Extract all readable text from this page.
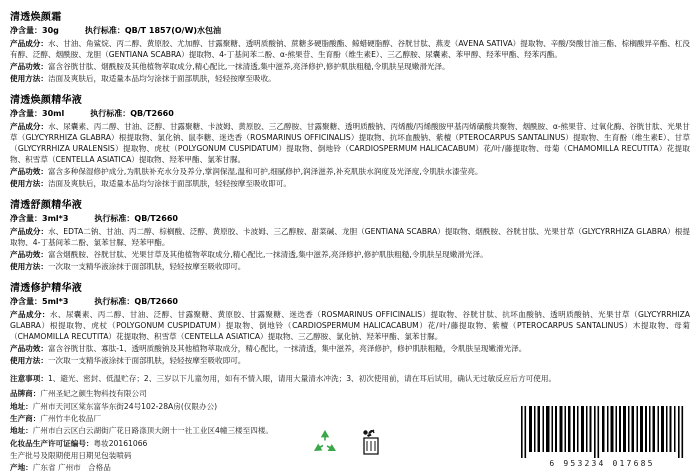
清透焕颜霜
净含量：30g	执行标准：QB/T 1857(O/W)水包油
产品成分：水、甘油、角鲨烷、丙二醇、黄原胶、尤加醇、甘露聚糖、透明质酸钠、蔗糖多硬脂酸酯、鲸蜡硬脂醇、谷胱甘肽、燕麦（AVENA SATIVA）提取物、辛酸/癸酸甘油三酯、棕榈酸异辛酯、杠没有醇、泛醇、烟酰胺、龙胆（GENTIANA SCABRA）提取物、4-丁基间苯二酚、α-熊果苷、生育酚（维生素E）、三乙醇胺、尿囊素、苯甲醇、羟苯甲酯、羟苯丙酯。
产品功效：富含谷胱甘肽、烟酰胺及其他植物萃取成分,精心配比,一抹清透,集中滋养,亮泽修护,修护肌肤粗糙,令肌肤呈现嫩滑光泽。
使用方法：洁面及爽肤后，取适量本品均匀涂抹于面部肌肤，轻轻按摩至吸收。
清透焕颜精华液
净含量：30ml	执行标准：QB/T2660
产品成分：水、尿囊素、丙二醇、甘油、泛醇、甘露聚糖、卡波姆、黄原胶、三乙醇胺、甘露聚糖、透明质酸钠、丙烯酸/丙烯酸胺甲基丙烯磺酸共聚物、烟酰胺、α-熊果苷、过氧化酶、谷胱甘肽、光果甘草（GLYCYRRHIZA GLABRA）根提取物、氯化钠、鼠李糖、迷迭香（ROSMARINUS OFFICINALIS）提取物、抗坏血酸钠、紫檀（PTEROCARPUS SANTALINUS）提取物、生育酚（维生素E）、甘草（GLYCYRRHIZA URALENSIS）提取物、虎杖（POLYGONUM CUSPIDATUM）提取物、倒地铃（CARDIOSPERMUM HALICACABUM）花/叶/藤提取物、母菊（CHAMOMILLA RECUTITA）花提取物、积雪草（CENTELLA ASIATICA）提取物、羟苯甲酯、氯苯甘脲。
产品功效：富含多种保湿修护成分,为肌肤补充水分及养分,掌润保湿,温和可护,细腻修护,润泽滋养,补充肌肤水润度及光泽度,令肌肤水漆莹亮。
使用方法：洁面及爽肤后，取适量本品均匀涂抹于面部肌肤，轻轻按摩至吸收即可。
清透舒颜精华液
净含量：3ml*3	执行标准：QB/T2660
产品成分：水、EDTA二钠、甘油、丙二醇、棕榈酸、泛醇、黄原胶、卡波姆、三乙醇胺、甜菜碱、龙胆（GENTIANA SCABRA）提取物、烟酰胺、谷胱甘肽、光果甘草（GLYCYRRHIZA GLABRA）根提取物、4-丁基间苯二酚、氯苯甘脲、羟苯甲酯。
产品功效：富含烟酰胺、谷胱甘肽、光果甘草及其他植物萃取成分,精心配比,一抹清透,集中滋养,亮泽修护,修护肌肤粗糙,令肌肤呈现嫩滑光泽。
使用方法：一次取一支精华液涂抹于面部肌肤，轻轻按摩至吸收即可。
清透修护精华液
净含量：5ml*3	执行标准：QB/T2660
产品成分：水、尿囊素、丙二醇、甘油、泛醇、甘露聚糖、黄原胶、甘露聚糖、迷迭香（ROSMARINUS OFFICINALIS）提取物、谷胱甘肽、抗坏血酸钠、透明质酸钠、光果甘草（GLYCYRRHIZA GLABRA）根提取物、虎杖（POLYGONUM CUSPIDATUM）提取物、倒地铃（CARDIOSPERMUM HALICACABUM）花/叶/藤提取物、紫檀（PTEROCARPUS SANTALINUS）木提取物、母菊（CHAMOMILLA RECUTITA）花提取物、积雪草（CENTELLA ASIATICA）提取物、三乙醇胺、氯化钠、羟苯甲酯、氯苯甘脲。
产品功效：富含谷胱甘肽、寡肽-1、透明质酸钠及其他植物萃取成分，精心配比，一抹清透，集中滋养，亮泽修护，修护肌肤粗糙，令肌肤呈现嫩滑光泽。
使用方法：一次取一支精华液涂抹于面部肌肤，轻轻按摩至吸收即可。
注意事项：1、避光、密封、低温贮存；2、三岁以下儿童勿用，如有不情入眼，请用大量清水冲洗；3、初次使用前，请在耳后试用，确认无过敏反应后方可使用。
品牌商：广州圣妃之颜生物科技有限公司
地址：广州市天河区棠东富华东街24号102-28A房(仅限办公)
生产商：广州竹丰化妆品厂
地址：广州市白云区白云湖街广花日路涤顶大朗十一社工业区4幢三楼至四楼。
化妆品生产许可证编号：粤妆20161066
生产批号及限期使用日期见包装喷码
产地：广东省 广州市 合格品	6 953234 017685
